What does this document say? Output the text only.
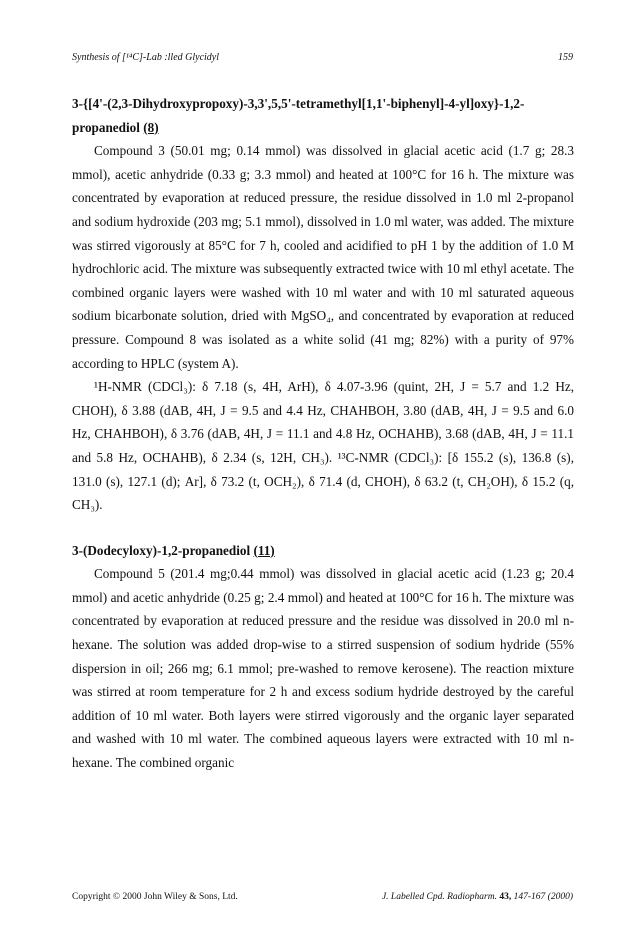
Synthesis of [¹⁴C]-Lab :lled Glycidyl	159
3-{[4'-(2,3-Dihydroxypropoxy)-3,3',5,5'-tetramethyl[1,1'-biphenyl]-4-yl]oxy}-1,2-propanediol (8)

Compound 3 (50.01 mg; 0.14 mmol) was dissolved in glacial acetic acid (1.7 g; 28.3 mmol), acetic anhydride (0.33 g; 3.3 mmol) and heated at 100°C for 16 h. The mixture was concentrated by evaporation at reduced pressure, the residue dissolved in 1.0 ml 2-propanol and sodium hydroxide (203 mg; 5.1 mmol), dissolved in 1.0 ml water, was added. The mixture was stirred vigorously at 85°C for 7 h, cooled and acidified to pH 1 by the addition of 1.0 M hydrochloric acid. The mixture was subsequently extracted twice with 10 ml ethyl acetate. The combined organic layers were washed with 10 ml water and with 10 ml saturated aqueous sodium bicarbonate solution, dried with MgSO₄, and concentrated by evaporation at reduced pressure. Compound 8 was isolated as a white solid (41 mg; 82%) with a purity of 97% according to HPLC (system A).

¹H-NMR (CDCl₃): δ 7.18 (s, 4H, ArH), δ 4.07-3.96 (quint, 2H, J = 5.7 and 1.2 Hz, CHOH), δ 3.88 (dAB, 4H, J = 9.5 and 4.4 Hz, CHAHBOH, 3.80 (dAB, 4H, J = 9.5 and 6.0 Hz, CHAHBOH), δ 3.76 (dAB, 4H, J = 11.1 and 4.8 Hz, OCHAHB), 3.68 (dAB, 4H, J = 11.1 and 5.8 Hz, OCHAHB), δ 2.34 (s, 12H, CH₃). ¹³C-NMR (CDCl₃): [δ 155.2 (s), 136.8 (s), 131.0 (s), 127.1 (d); Ar], δ 73.2 (t, OCH₂), δ 71.4 (d, CHOH), δ 63.2 (t, CH₂OH), δ 15.2 (q, CH₃).

3-(Dodecyloxy)-1,2-propanediol (11)

Compound 5 (201.4 mg;0.44 mmol) was dissolved in glacial acetic acid (1.23 g; 20.4 mmol) and acetic anhydride (0.25 g; 2.4 mmol) and heated at 100°C for 16 h. The mixture was concentrated by evaporation at reduced pressure and the residue was dissolved in 20.0 ml n-hexane. The solution was added drop-wise to a stirred suspension of sodium hydride (55% dispersion in oil; 266 mg; 6.1 mmol; pre-washed to remove kerosene). The reaction mixture was stirred at room temperature for 2 h and excess sodium hydride destroyed by the careful addition of 10 ml water. Both layers were stirred vigorously and the organic layer separated and washed with 10 ml water. The combined aqueous layers were extracted with 10 ml n-hexane. The combined organic

Copyright © 2000 John Wiley & Sons, Ltd.	J. Labelled Cpd. Radiopharm. 43, 147-167 (2000)
